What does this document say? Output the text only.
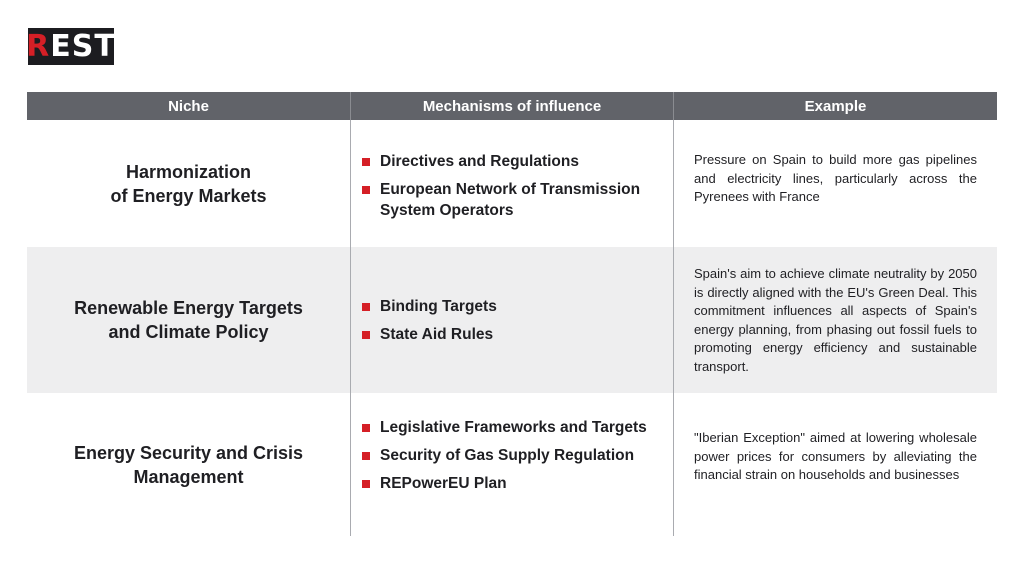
REST
Niche	Mechanisms of influence	Example
Harmonization
of Energy Markets
Directives and Regulations
European Network of Transmission System Operators

Pressure on Spain to build more gas pipelines and electricity lines, particularly across the Pyrenees with France

Renewable Energy Targets
and Climate Policy
Binding Targets
State Aid Rules

Spain's aim to achieve climate neutrality by 2050 is directly aligned with the EU's Green Deal. This commitment influences all aspects of Spain's energy planning, from phasing out fossil fuels to promoting energy efficiency and sustainable transport.

Energy Security and Crisis
Management
Legislative Frameworks and Targets
Security of Gas Supply Regulation
REPowerEU Plan

"Iberian Exception" aimed at lowering wholesale power prices for consumers by alleviating the financial strain on households and businesses
